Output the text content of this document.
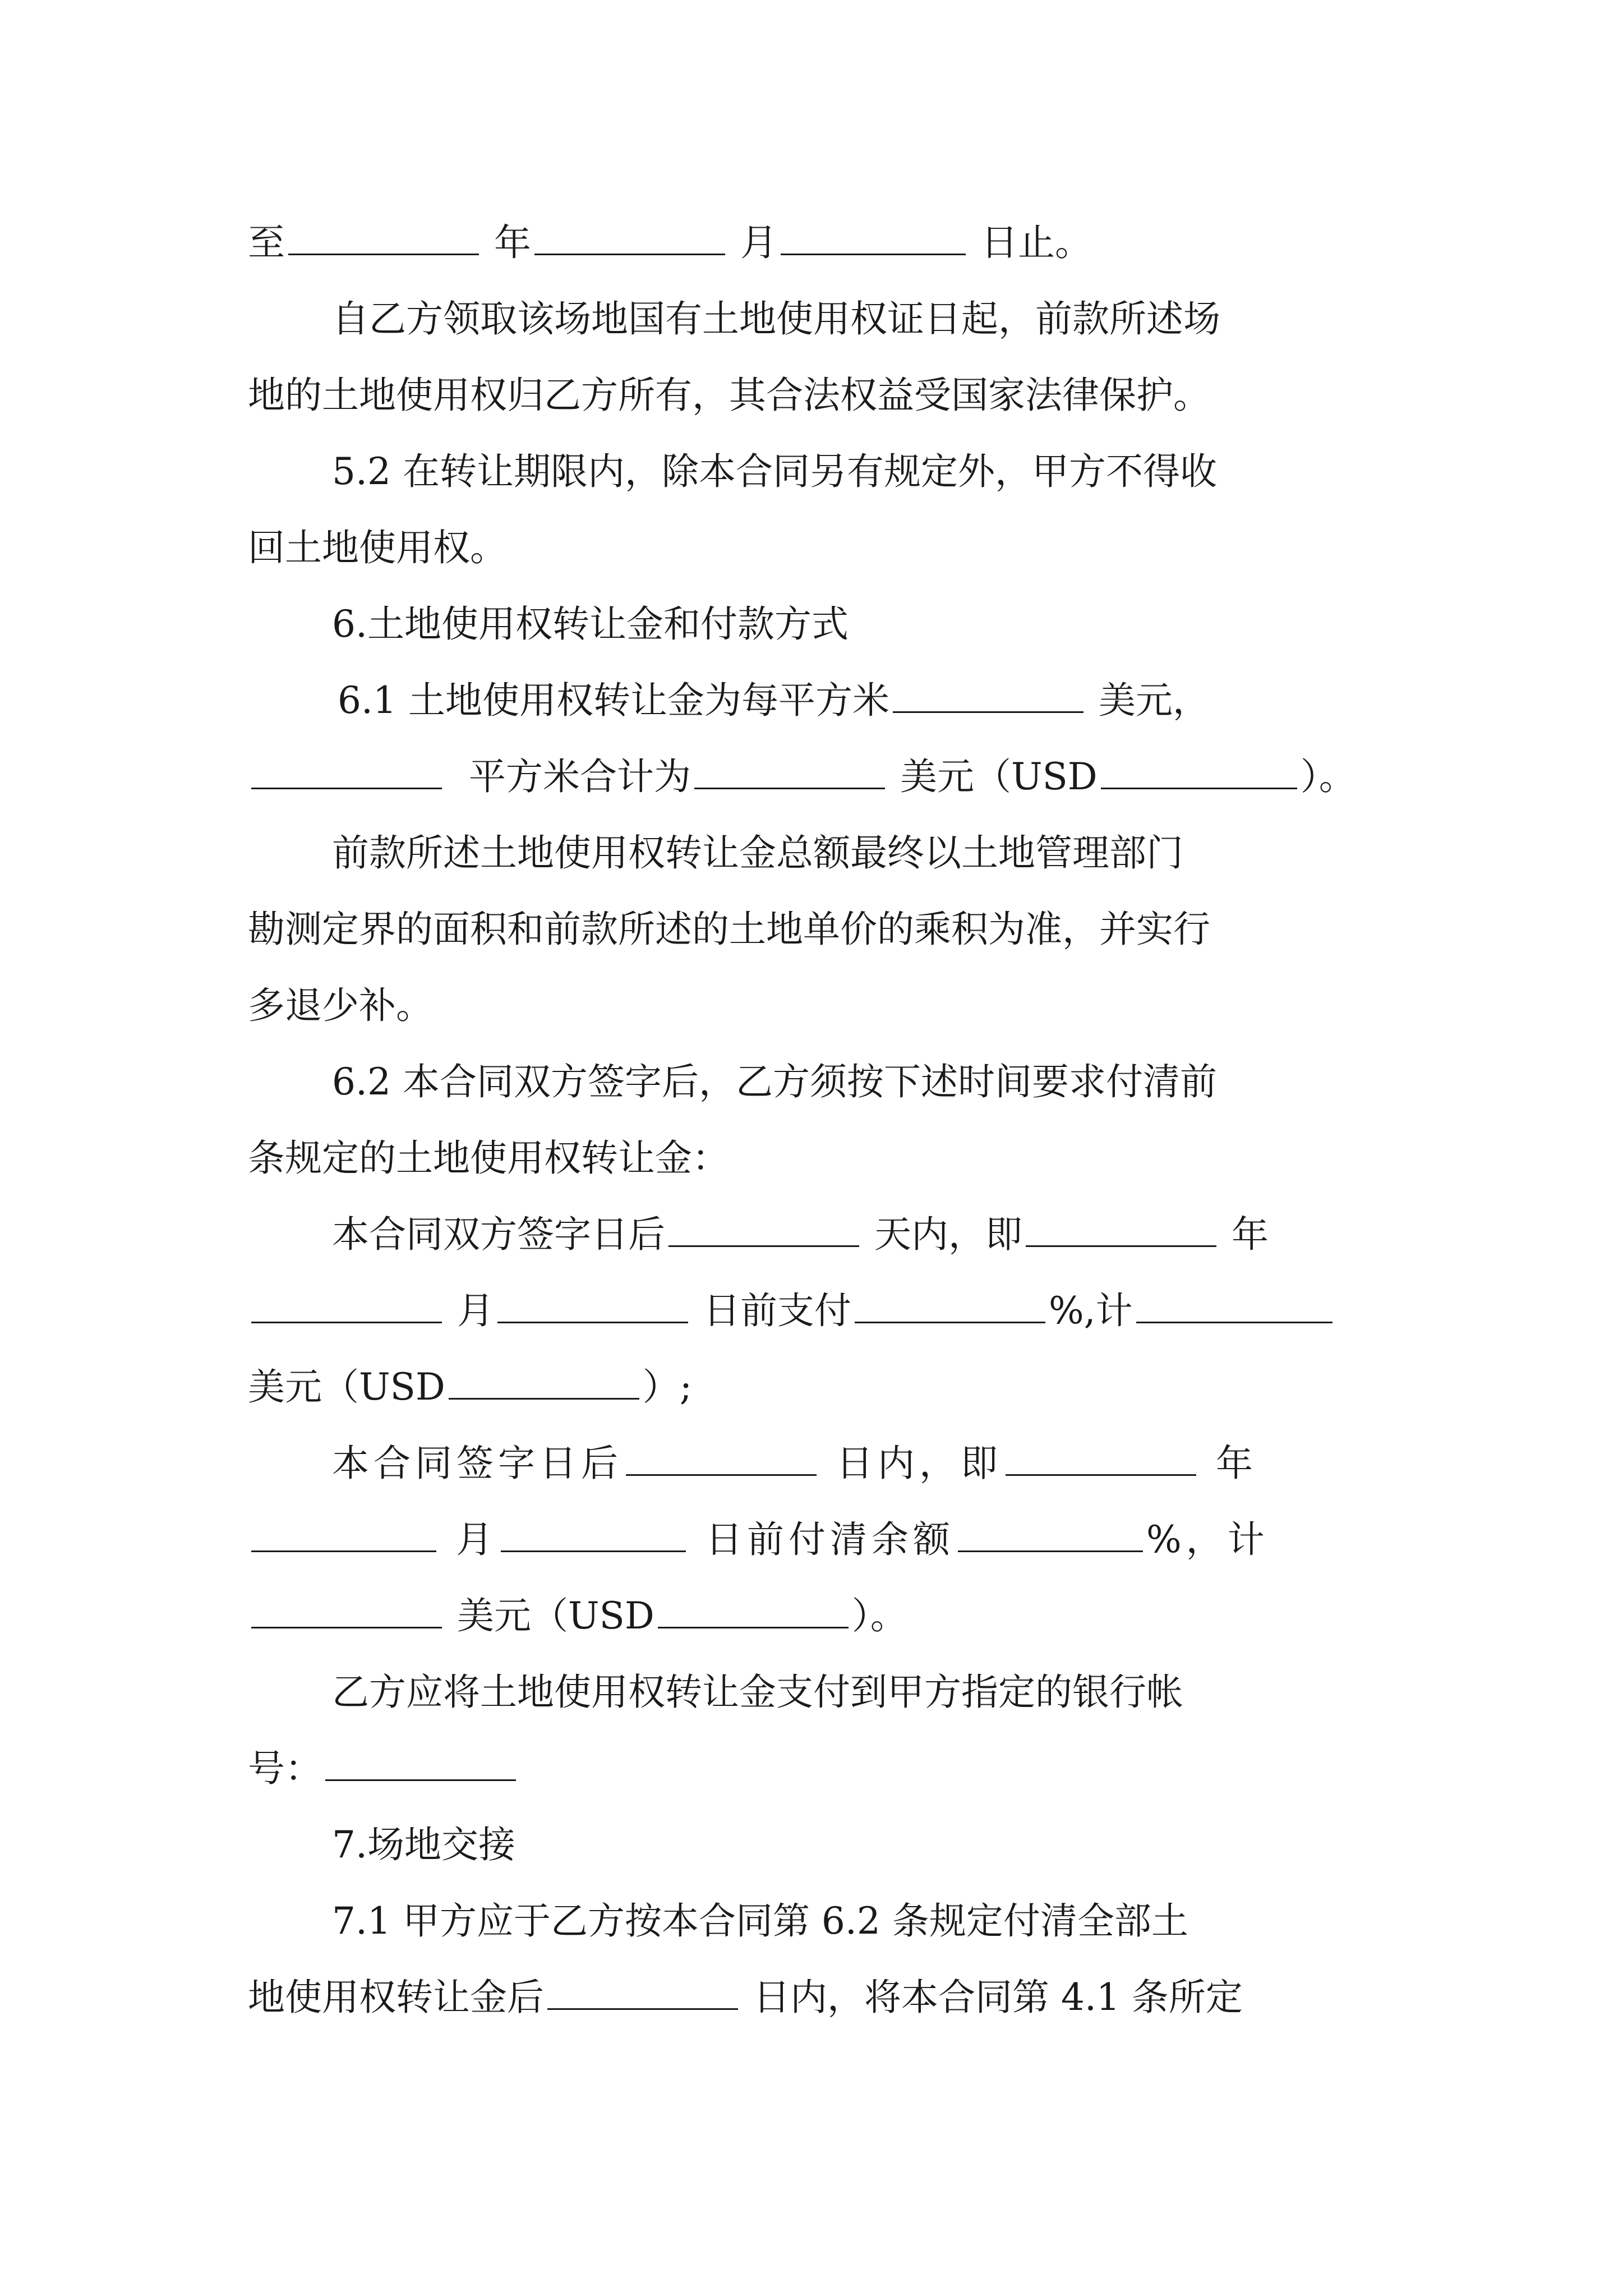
至	年	月	日止。
自乙方领取该场地国有土地使用权证日起，前款所述场
地的土地使用权归乙方所有，其合法权益受国家法律保护。
5.2 在转让期限内，除本合同另有规定外，甲方不得收
回土地使用权。
6.土地使用权转让金和付款方式
6.1 土地使用权转让金为每平方米	美元，
平方米合计为	美元（USD	）。
前款所述土地使用权转让金总额最终以土地管理部门
勘测定界的面积和前款所述的土地单价的乘积为准，并实行
多退少补。
6.2 本合同双方签字后，乙方须按下述时间要求付清前
条规定的土地使用权转让金：
本合同双方签字日后	天内，即	年
月	日前支付	%,计
美元（USD	）;
本合同签字日后	日内，即	年
月	日前付清余额	%，计
美元（USD	）。
乙方应将土地使用权转让金支付到甲方指定的银行帐
号：
7.场地交接
7.1 甲方应于乙方按本合同第 6.2 条规定付清全部土
地使用权转让金后	日内，将本合同第 4.1 条所定
